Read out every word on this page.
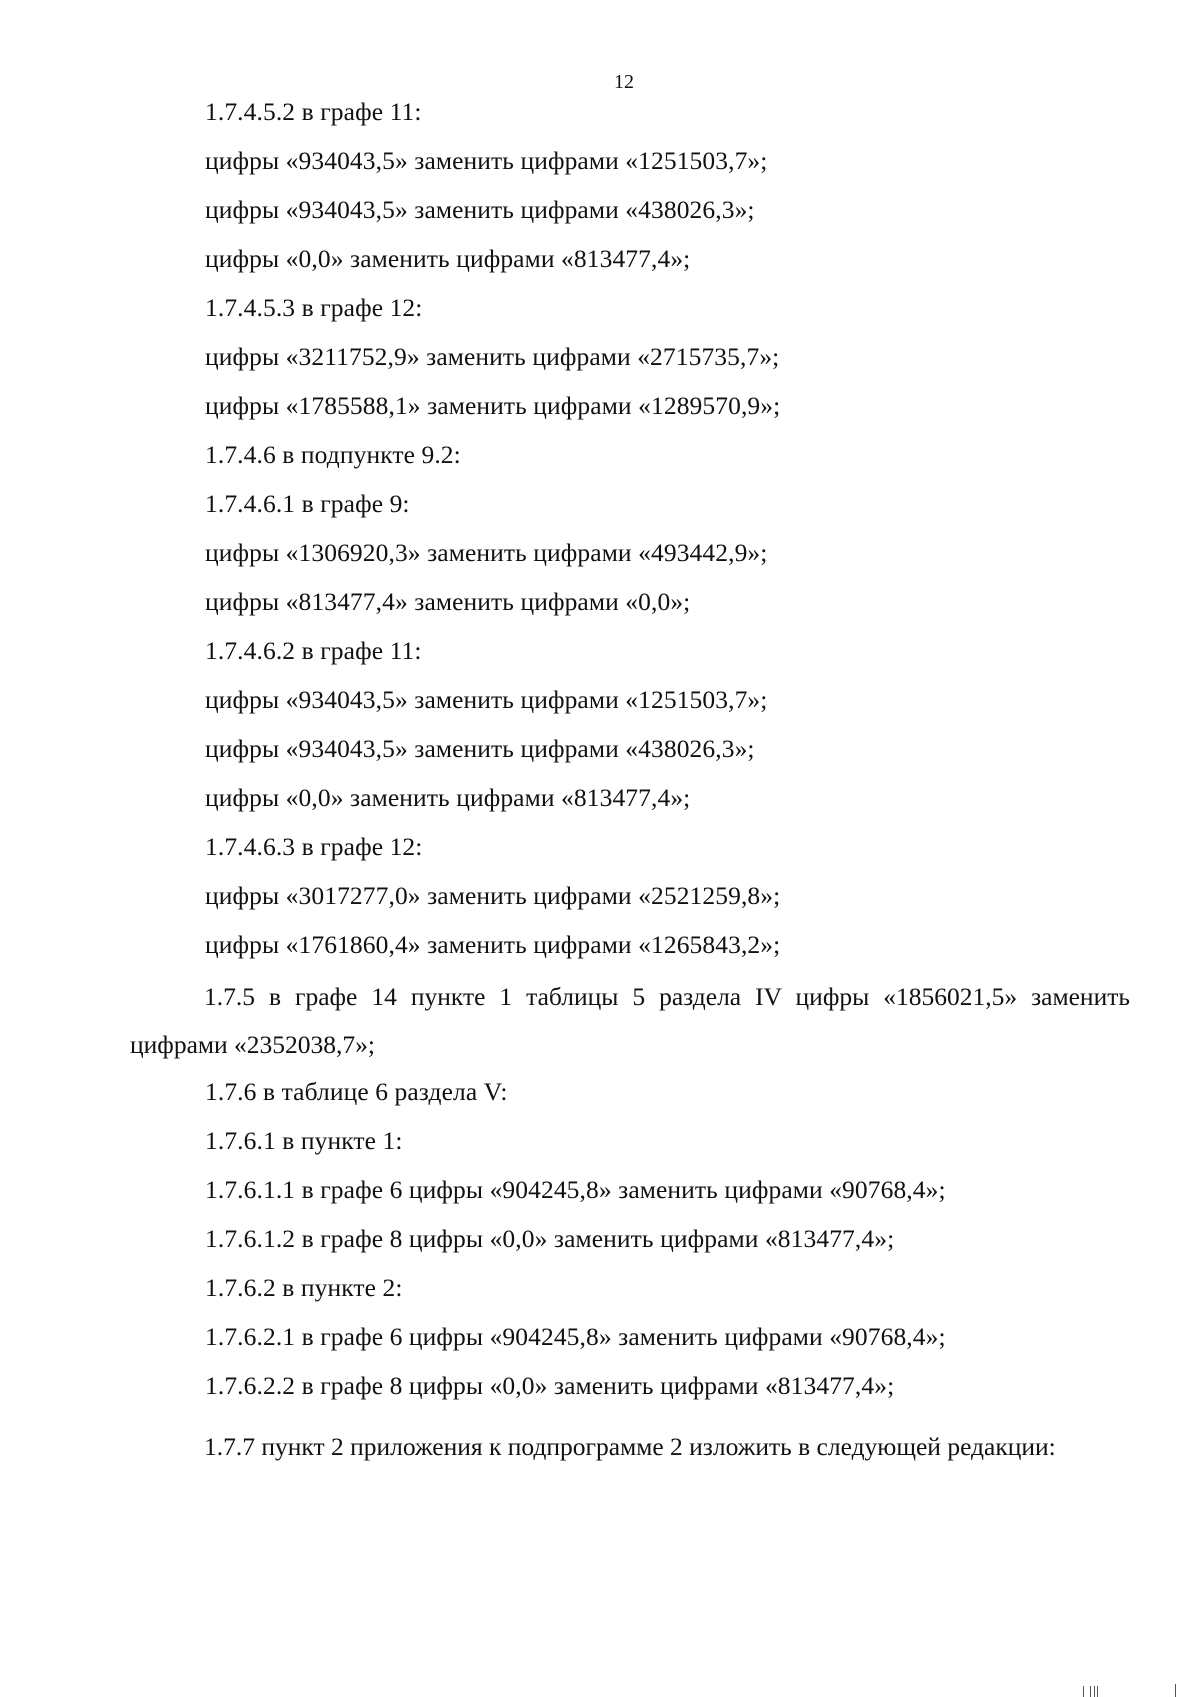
12
1.7.4.5.2 в графе 11:
цифры «934043,5» заменить цифрами «1251503,7»;
цифры «934043,5» заменить цифрами «438026,3»;
цифры «0,0» заменить цифрами «813477,4»;
1.7.4.5.3 в графе 12:
цифры «3211752,9» заменить цифрами «2715735,7»;
цифры «1785588,1» заменить цифрами «1289570,9»;
1.7.4.6 в подпункте 9.2:
1.7.4.6.1 в графе 9:
цифры «1306920,3» заменить цифрами «493442,9»;
цифры «813477,4» заменить цифрами «0,0»;
1.7.4.6.2 в графе 11:
цифры «934043,5» заменить цифрами «1251503,7»;
цифры «934043,5» заменить цифрами «438026,3»;
цифры «0,0» заменить цифрами «813477,4»;
1.7.4.6.3 в графе 12:
цифры «3017277,0» заменить цифрами «2521259,8»;
цифры «1761860,4» заменить цифрами «1265843,2»;
1.7.5 в графе 14 пункте 1 таблицы 5 раздела IV цифры «1856021,5» заменить цифрами «2352038,7»;
1.7.6 в таблице 6 раздела V:
1.7.6.1 в пункте 1:
1.7.6.1.1 в графе 6 цифры «904245,8» заменить цифрами «90768,4»;
1.7.6.1.2 в графе 8 цифры «0,0» заменить цифрами «813477,4»;
1.7.6.2 в пункте 2:
1.7.6.2.1 в графе 6 цифры «904245,8» заменить цифрами «90768,4»;
1.7.6.2.2 в графе 8 цифры «0,0» заменить цифрами «813477,4»;
1.7.7 пункт 2 приложения к подпрограмме 2 изложить в следующей редакции:
